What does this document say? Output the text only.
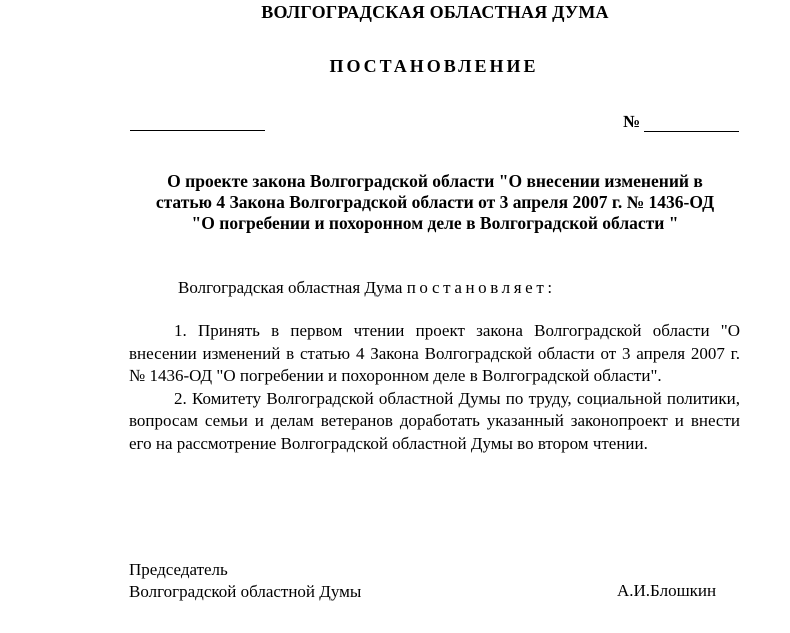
ВОЛГОГРАДСКАЯ ОБЛАСТНАЯ ДУМА
ПОСТАНОВЛЕНИЕ
№
О проекте закона Волгоградской области "О внесении изменений в
статью 4 Закона Волгоградской области от 3 апреля 2007 г. № 1436-ОД
"О погребении и похоронном деле в Волгоградской области "
Волгоградская областная Дума постановляет:

1. Принять в первом чтении проект закона Волгоградской области "О внесении изменений в статью 4 Закона Волгоградской области от 3 апреля 2007 г. № 1436-ОД "О погребении и похоронном деле в Волгоградской области".

2. Комитету Волгоградской областной Думы по труду, социальной политики, вопросам семьи и делам ветеранов доработать указанный законопроект и внести его на рассмотрение Волгоградской областной Думы во втором чтении.

Председатель
Волгоградской областной Думы	А.И.Блошкин
